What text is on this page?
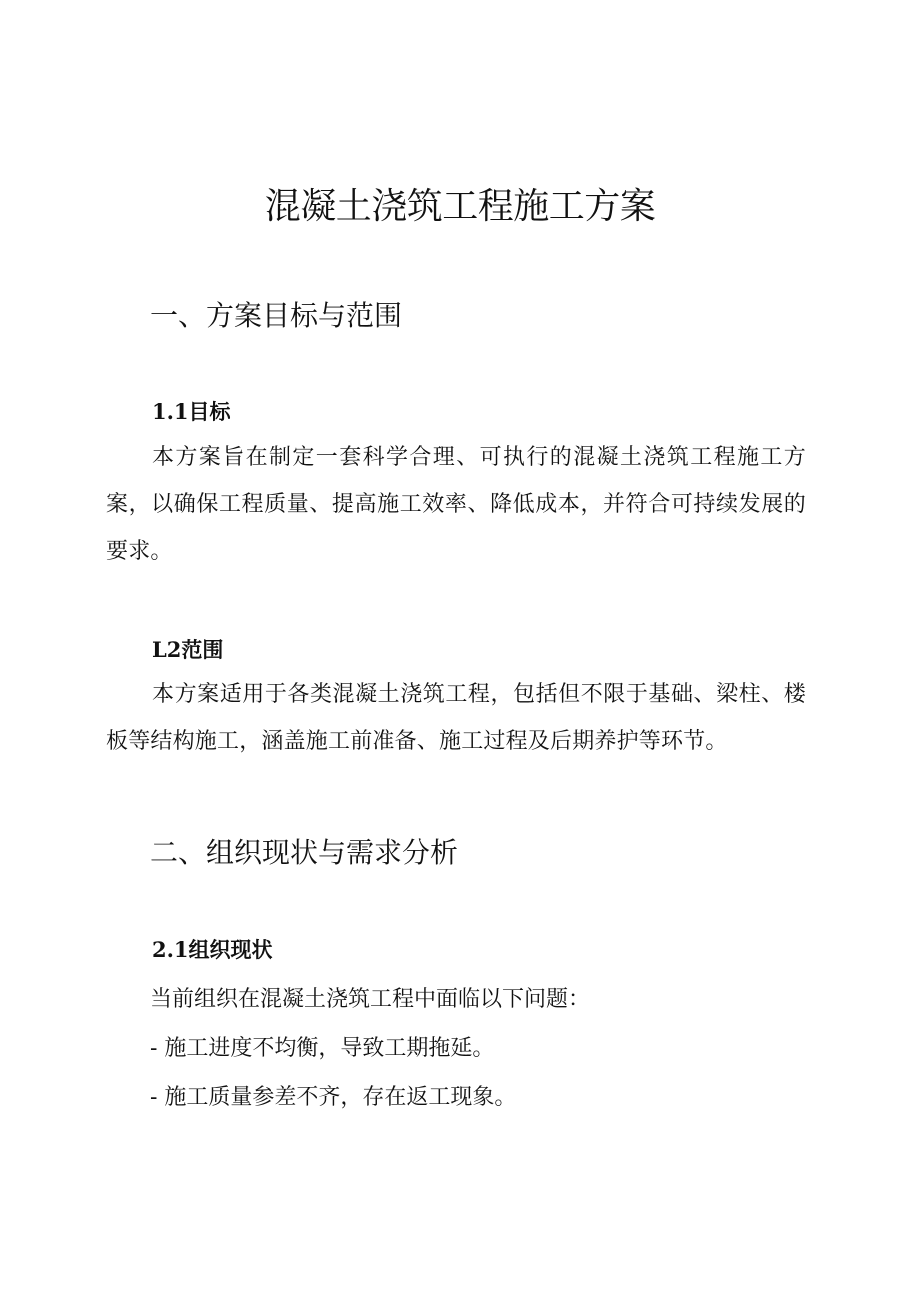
混凝土浇筑工程施工方案
一、方案目标与范围
1.1目标

本方案旨在制定一套科学合理、可执行的混凝土浇筑工程施工方案，以确保工程质量、提高施工效率、降低成本，并符合可持续发展的要求。

L2范围

本方案适用于各类混凝土浇筑工程，包括但不限于基础、梁柱、楼板等结构施工，涵盖施工前准备、施工过程及后期养护等环节。

二、组织现状与需求分析
2.1组织现状

当前组织在混凝土浇筑工程中面临以下问题：

- 施工进度不均衡，导致工期拖延。

- 施工质量参差不齐，存在返工现象。
